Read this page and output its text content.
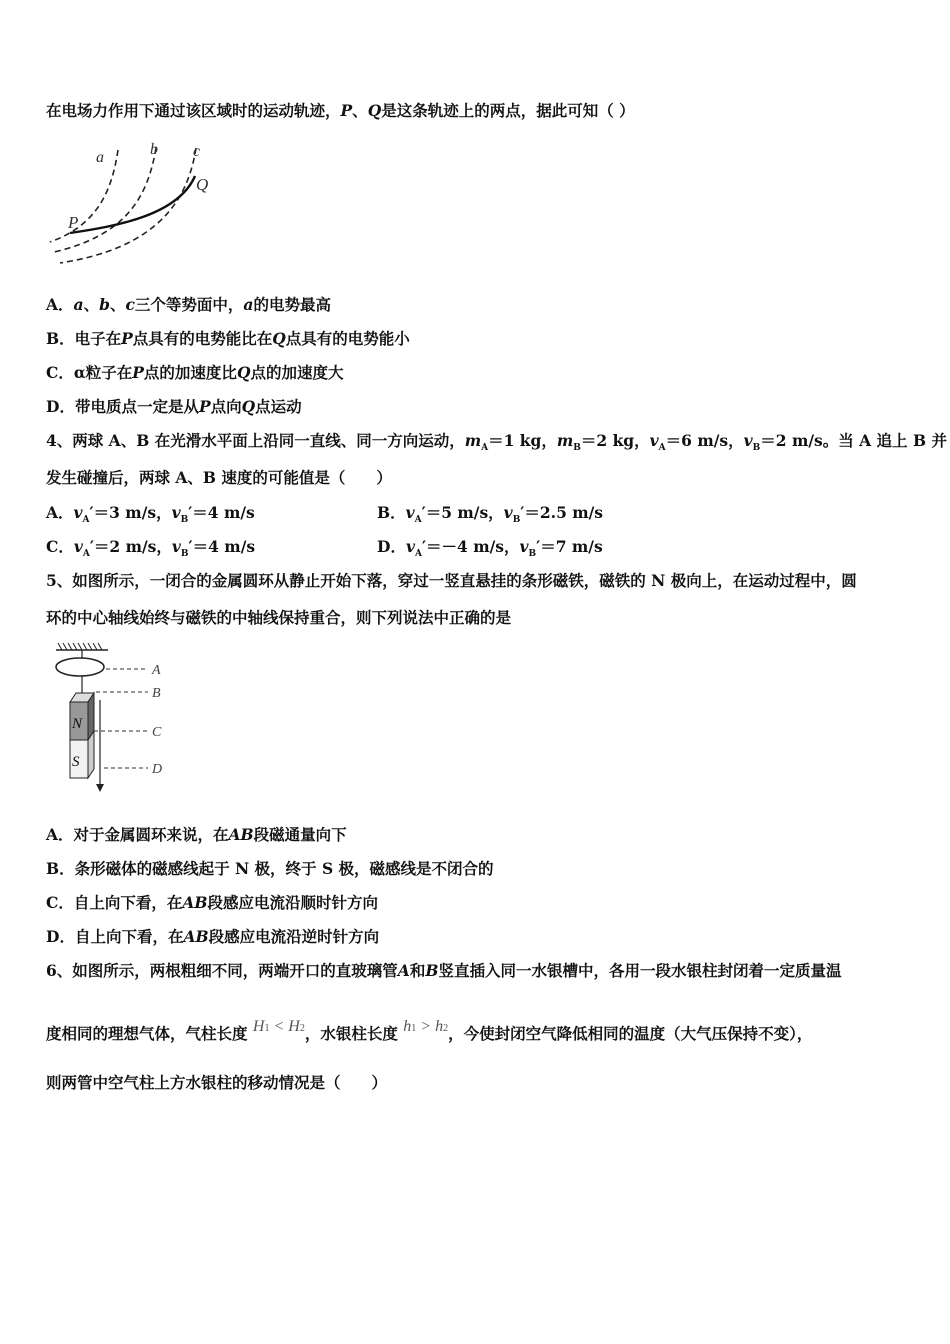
在电场力作用下通过该区域时的运动轨迹，P、Q是这条轨迹上的两点，据此可知（ ）
a	b c
P
Q
A．a、b、c三个等势面中，a的电势最高
B．电子在P点具有的电势能比在Q点具有的电势能小
C．α粒子在P点的加速度比Q点的加速度大
D．带电质点一定是从P点向Q点运动
4、两球 A、B 在光滑水平面上沿同一直线、同一方向运动，$m_A=1$ kg，$m_B=2$ kg，$v_A=6$ m/s，$v_B=2$ m/s。当 A 追上 B 并
发生碰撞后，两球 A、B 速度的可能值是（　　）
A．$v_A'=3$ m/s，$v_B'=4$ m/s	B．$v_A'=5$ m/s，$v_B'=2.5$ m/s
C．$v_A'=2$ m/s，$v_B'=4$ m/s	D．$v_A'=-4$ m/s，$v_B'=7$ m/s
5、如图所示，一闭合的金属圆环从静止开始下落，穿过一竖直悬挂的条形磁铁，磁铁的 N 极向上，在运动过程中，圆
环的中心轴线始终与磁铁的中轴线保持重合，则下列说法中正确的是
N
S
A
B
C
D
A．对于金属圆环来说，在AB段磁通量向下
B．条形磁体的磁感线起于 N 极，终于 S 极，磁感线是不闭合的
C．自上向下看，在AB段感应电流沿顺时针方向
D．自上向下看，在AB段感应电流沿逆时针方向
6、如图所示，两根粗细不同，两端开口的直玻璃管A和B竖直插入同一水银槽中，各用一段水银柱封闭着一定质量温
度相同的理想气体，气柱长度 H1 < H2，水银柱长度 h1 > h2，今使封闭空气降低相同的温度（大气压保持不变），
则两管中空气柱上方水银柱的移动情况是（　　）
